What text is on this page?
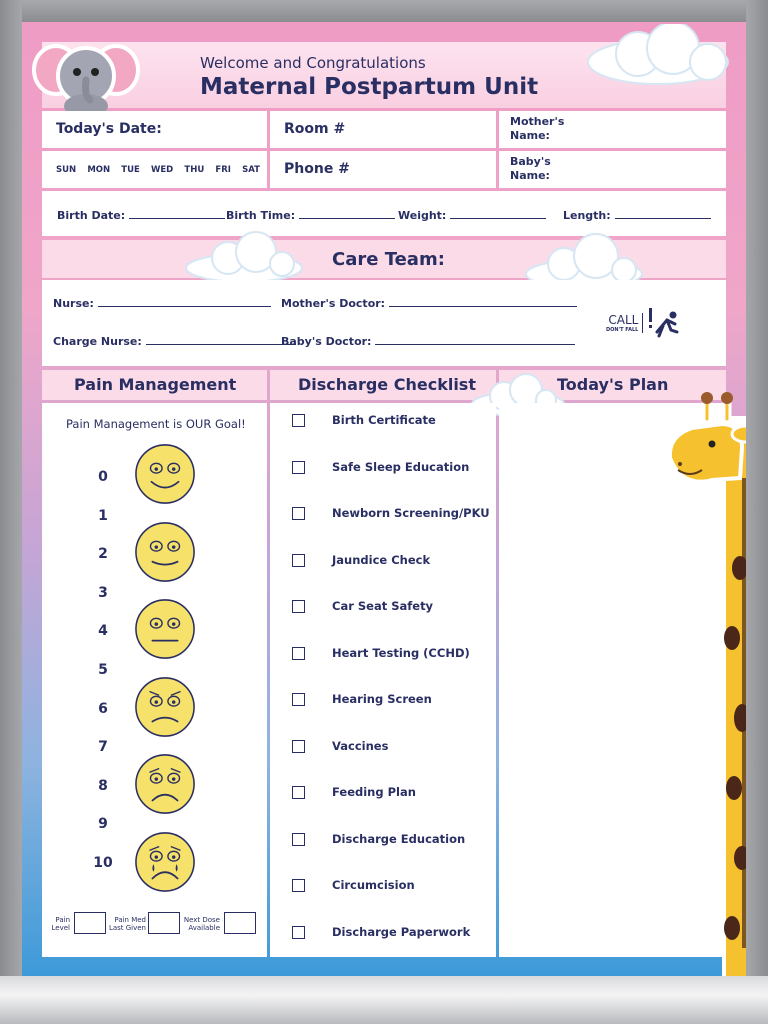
Welcome and Congratulations
Maternal Postpartum Unit
Today's Date:	Room #	Mother's
Name:
SUN MON TUE WED THU FRI SAT Phone #	Baby's
Name:
Birth Date:	Birth Time:	Weight:	Length:
Care Team:
Nurse:
Charge Nurse:
Mother's Doctor:
Baby's Doctor:
CALL
DON'T FALL
Pain Management	Discharge Checklist	Today's Plan
Pain Management is OUR Goal!
0
1
2
3
4
5
6
7
8
9
10
Pain
Level
Pain Med
Last Given
Next Dose
Available
Birth Certificate
Safe Sleep Education
Newborn Screening/PKU
Jaundice Check
Car Seat Safety
Heart Testing (CCHD)
Hearing Screen
Vaccines
Feeding Plan
Discharge Education
Circumcision
Discharge Paperwork
